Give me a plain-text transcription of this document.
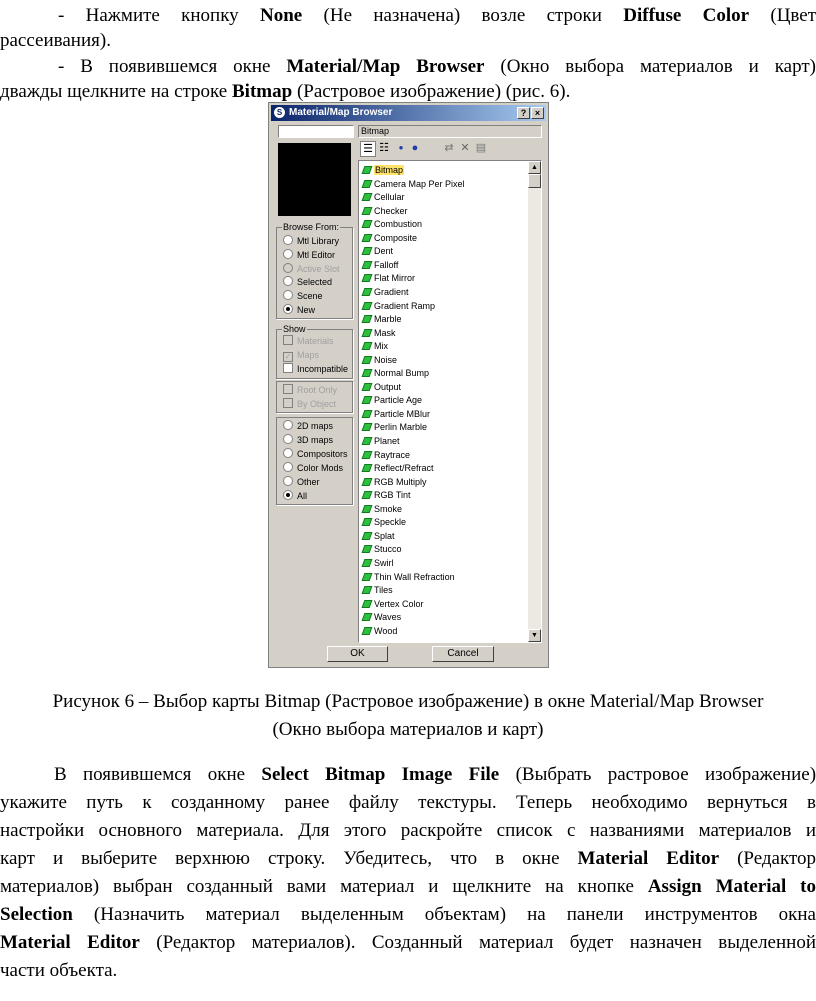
- Нажмите кнопку None (Не назначена) возле строки Diffuse Color (Цвет
рассеивания).
- В появившемся окне Material/Map Browser (Окно выбора материалов и карт)
дважды щелкните на строке Bitmap (Растровое изображение) (рис. 6).
S Material/Map Browser	? ×
Bitmap
Browse From:
Mtl Library
Mtl Editor
Active Slot
Selected
Scene
New
Show
Materials
✓ Maps
Incompatible
Root Only
By Object
2D maps
3D maps
Compositors
Color Mods
Other
All
☰ ☷	● ● ⇄ ✕ ▤
Bitmap
Camera Map Per Pixel
Cellular
Checker
Combustion
Composite
Dent
Falloff
Flat Mirror
Gradient
Gradient Ramp
Marble
Mask
Mix
Noise
Normal Bump
Output
Particle Age
Particle MBlur
Perlin Marble
Planet
Raytrace
Reflect/Refract
RGB Multiply
RGB Tint
Smoke
Speckle
Splat
Stucco
Swirl
Thin Wall Refraction
Tiles
Vertex Color
Waves
Wood
▲
▼
OK	Cancel
Рисунок 6 – Выбор карты Bitmap (Растровое изображение) в окне Material/Map Browser
(Окно выбора материалов и карт)
В появившемся окне Select Bitmap Image File (Выбрать растровое изображение)
укажите путь к созданному ранее файлу текстуры. Теперь необходимо вернуться в
настройки основного материала. Для этого раскройте список с названиями материалов и
карт и выберите верхнюю строку. Убедитесь, что в окне Material Editor (Редактор
материалов) выбран созданный вами материал и щелкните на кнопке Assign Material to
Selection (Назначить материал выделенным объектам) на панели инструментов окна
Material Editor (Редактор материалов). Созданный материал будет назначен выделенной
части объекта.
